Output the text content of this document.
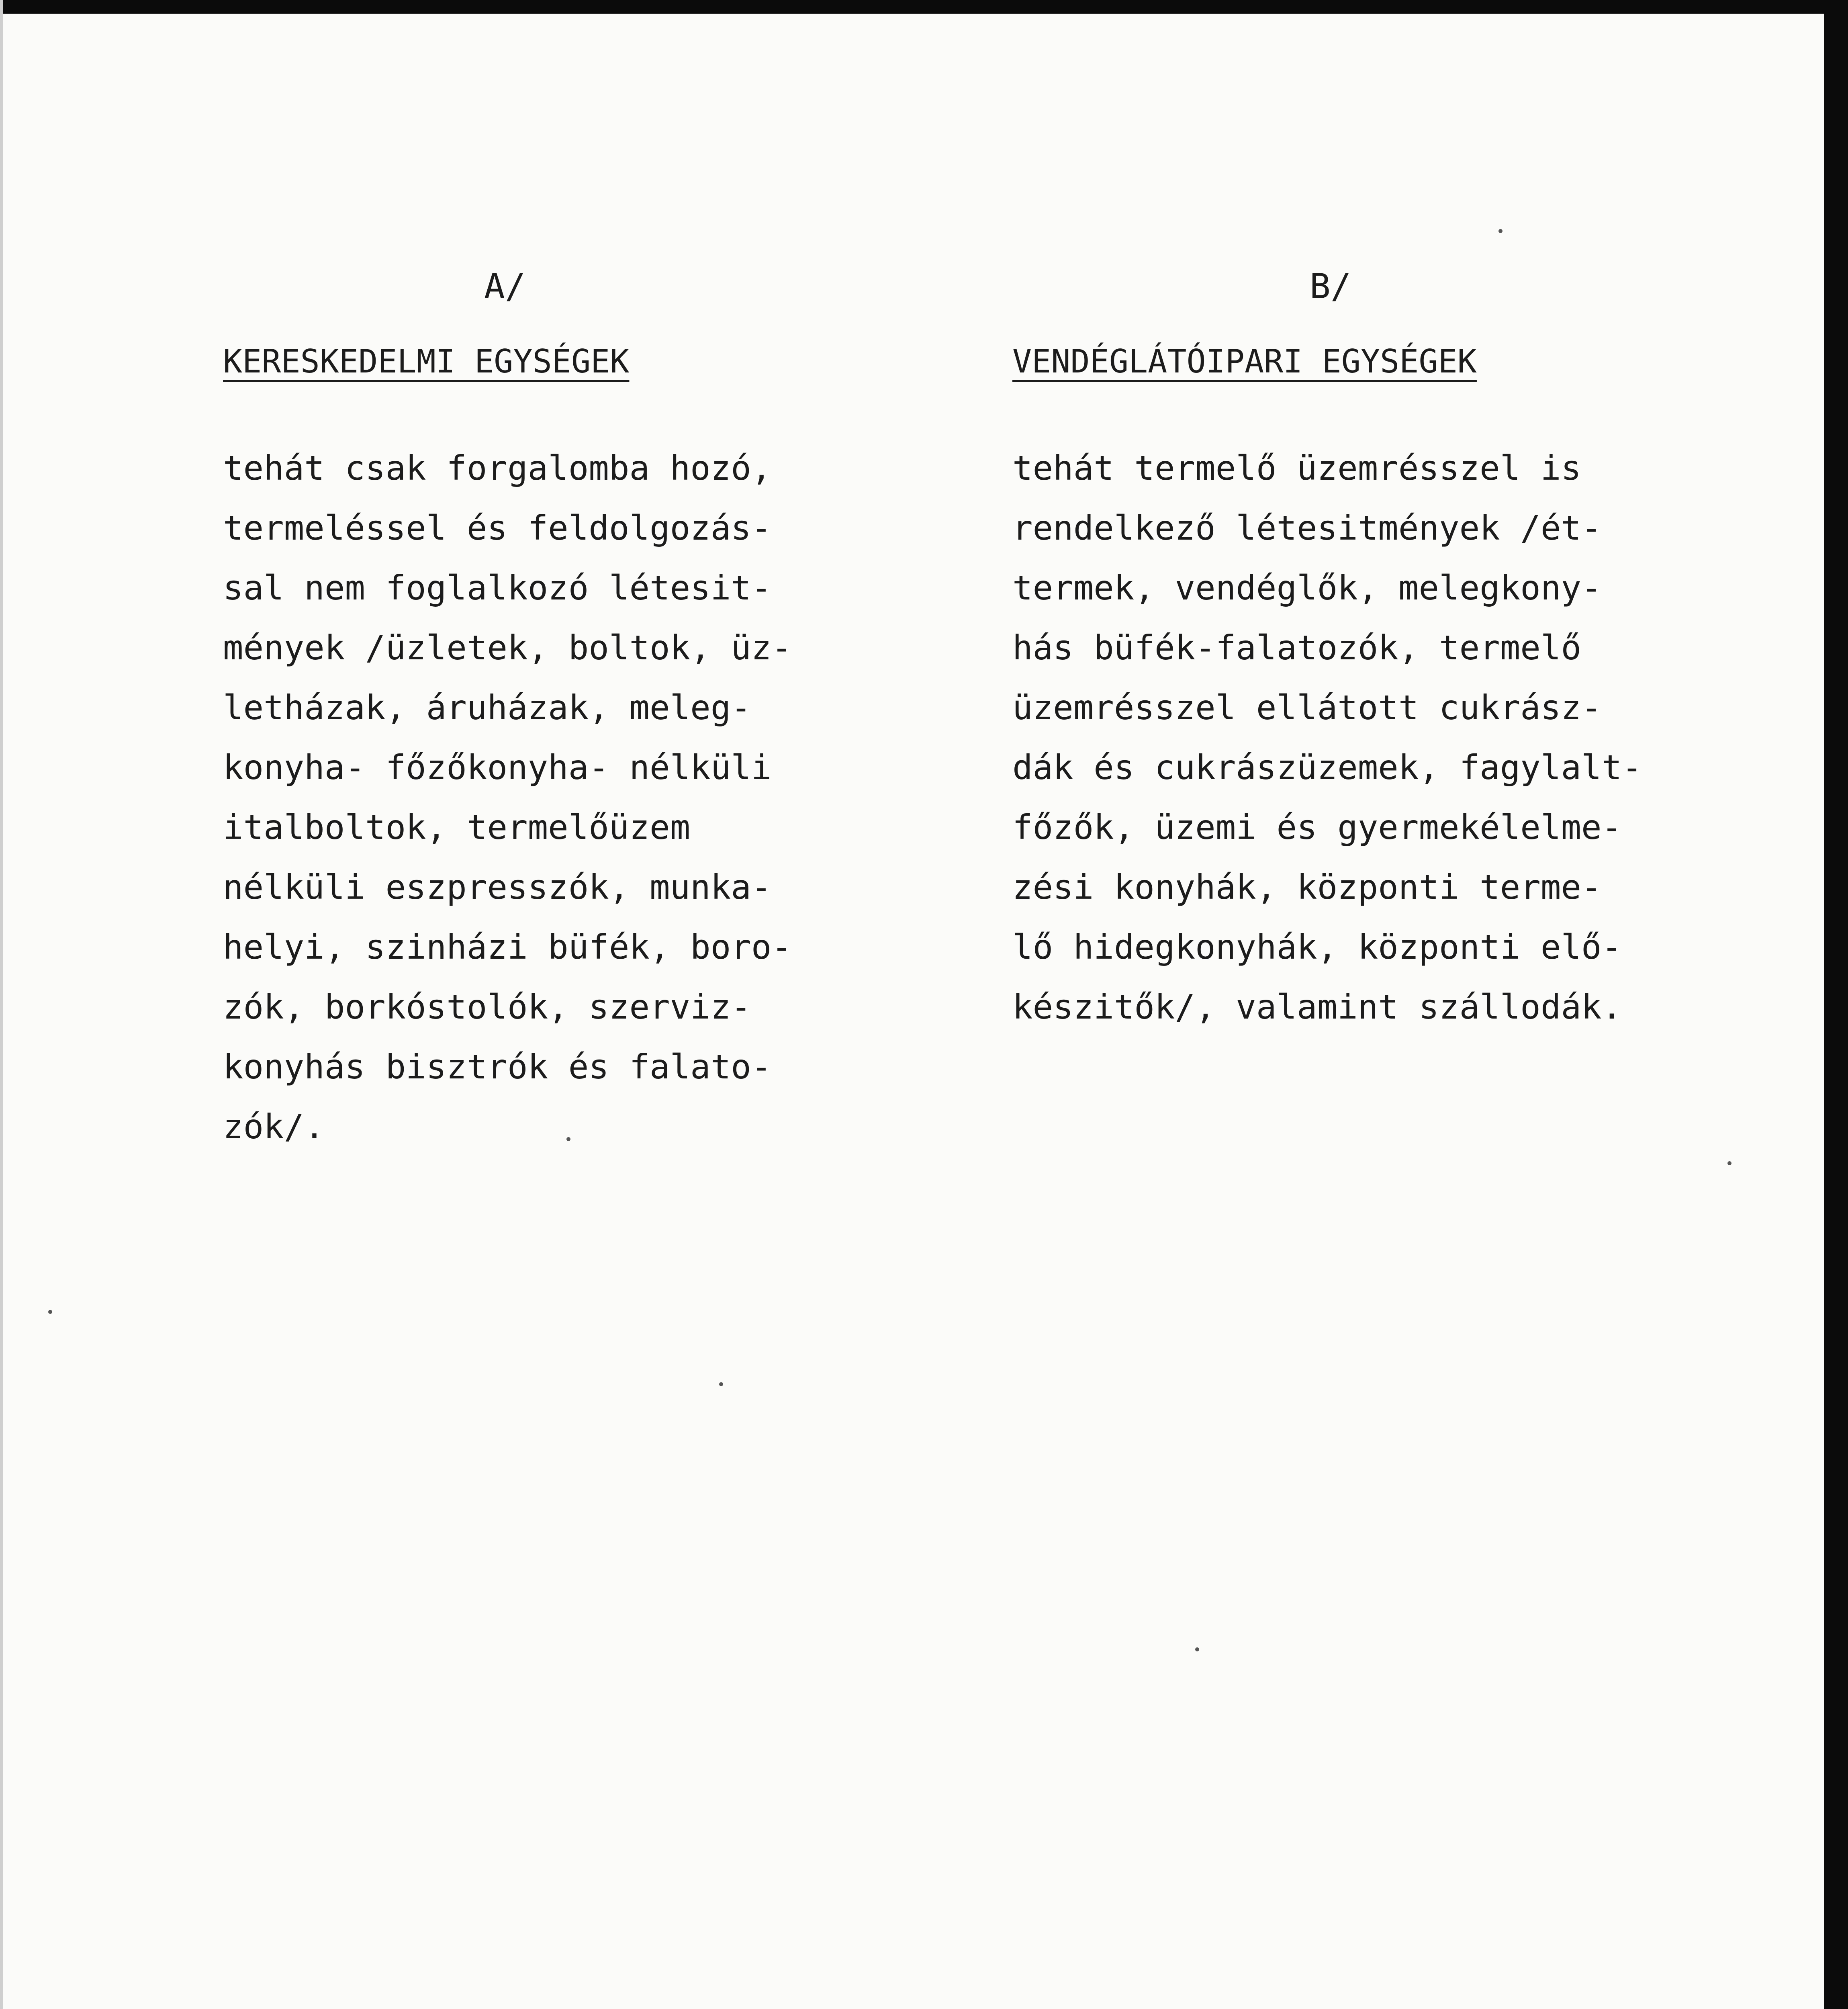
A/
KERESKEDELMI EGYSÉGEK
tehát csak forgalomba hozó,
termeléssel és feldolgozás-
sal nem foglalkozó létesit-
mények /üzletek, boltok, üz-
letházak, áruházak, meleg-
konyha- főzőkonyha- nélküli
italboltok, termelőüzem
nélküli eszpresszók, munka-
helyi, szinházi büfék, boro-
zók, borkóstolók, szerviz-
konyhás bisztrók és falato-
zók/.
B/
VENDÉGLÁTÓIPARI EGYSÉGEK
tehát termelő üzemrésszel is
rendelkező létesitmények /ét-
termek, vendéglők, melegkony-
hás büfék-falatozók, termelő
üzemrésszel ellátott cukrász-
dák és cukrászüzemek, fagylalt-
főzők, üzemi és gyermekélelme-
zési konyhák, központi terme-
lő hidegkonyhák, központi elő-
készitők/, valamint szállodák.
